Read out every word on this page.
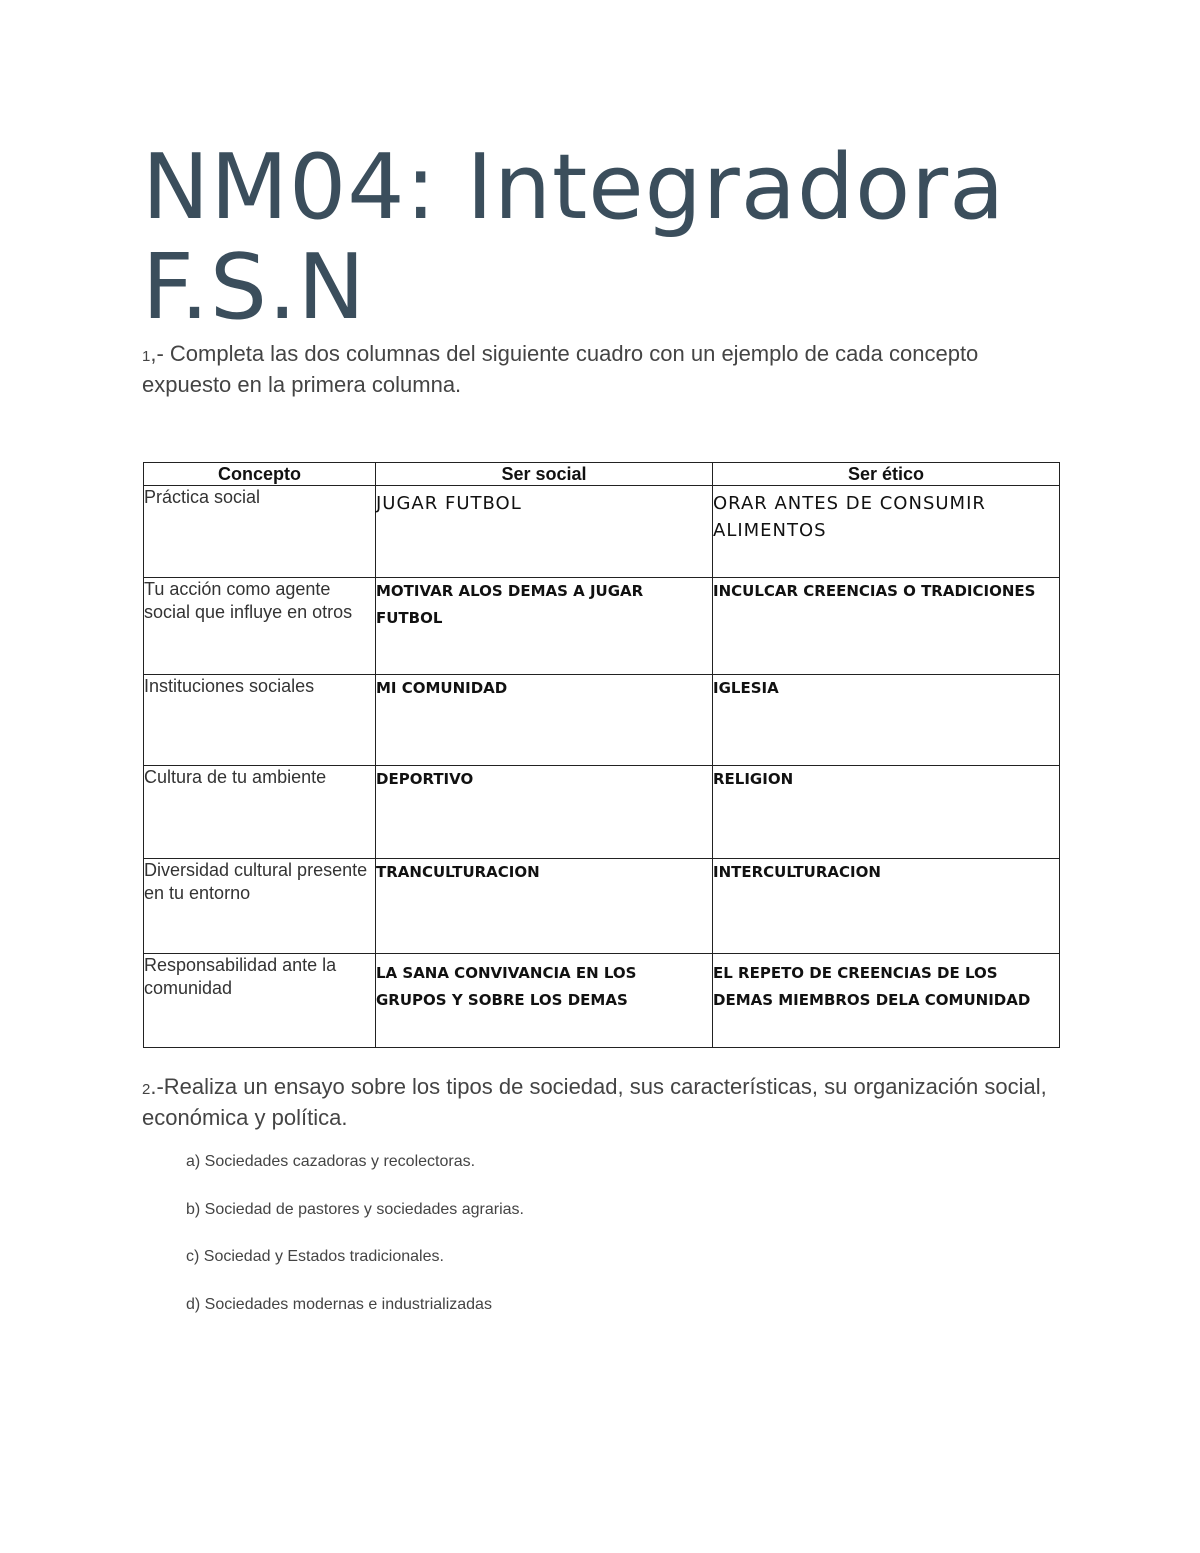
NM04: Integradora
F.S.N
1,- Completa las dos columnas del siguiente cuadro con un ejemplo de cada concepto expuesto en la primera columna.
Concepto	Ser social	Ser ético
Práctica social	JUGAR FUTBOL	ORAR ANTES DE CONSUMIR ALIMENTOS
Tu acción como agente social que influye en otros	MOTIVAR ALOS DEMAS A JUGAR FUTBOL	INCULCAR CREENCIAS O TRADICIONES
Instituciones sociales	MI COMUNIDAD	IGLESIA
Cultura de tu ambiente	DEPORTIVO	RELIGION
Diversidad cultural presente en tu entorno	TRANCULTURACION	INTERCULTURACION
Responsabilidad ante la comunidad	LA SANA CONVIVANCIA EN LOS GRUPOS Y SOBRE LOS DEMAS	EL REPETO DE CREENCIAS DE LOS DEMAS MIEMBROS DELA COMUNIDAD
2.-Realiza un ensayo sobre los tipos de sociedad, sus características, su organización social, económica y política.
a) Sociedades cazadoras y recolectoras.
b) Sociedad de pastores y sociedades agrarias.
c) Sociedad y Estados tradicionales.
d) Sociedades modernas e industrializadas
